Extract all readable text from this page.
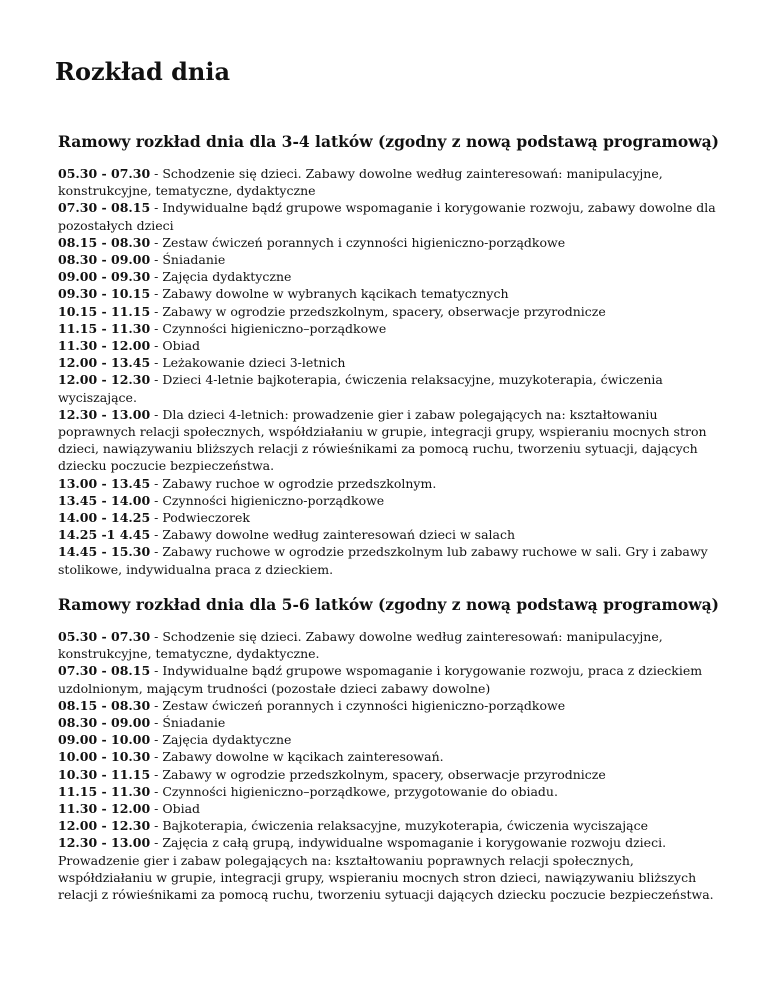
Rozkład dnia
Ramowy rozkład dnia dla 3-4 latków (zgodny z nową podstawą programową)

05.30 - 07.30 - Schodzenie się dzieci. Zabawy dowolne według zainteresowań: manipulacyjne, konstrukcyjne, tematyczne, dydaktyczne

07.30 - 08.15 - Indywidualne bądź grupowe wspomaganie i korygowanie rozwoju, zabawy dowolne dla pozostałych dzieci

08.15 - 08.30 - Zestaw ćwiczeń porannych i czynności higieniczno-porządkowe

08.30 - 09.00 - Śniadanie

09.00 - 09.30 - Zajęcia dydaktyczne

09.30 - 10.15 - Zabawy dowolne w wybranych kącikach tematycznych

10.15 - 11.15 - Zabawy w ogrodzie przedszkolnym, spacery, obserwacje przyrodnicze

11.15 - 11.30 - Czynności higieniczno–porządkowe

11.30 - 12.00 - Obiad

12.00 - 13.45 - Leżakowanie dzieci 3-letnich

12.00 - 12.30 - Dzieci 4-letnie bajkoterapia, ćwiczenia relaksacyjne, muzykoterapia, ćwiczenia wyciszające.

12.30 - 13.00 - Dla dzieci 4-letnich: prowadzenie gier i zabaw polegających na: kształtowaniu poprawnych relacji społecznych, współdziałaniu w grupie, integracji grupy, wspieraniu mocnych stron dzieci, nawiązywaniu bliższych relacji z rówieśnikami za pomocą ruchu, tworzeniu sytuacji, dających dziecku poczucie bezpieczeństwa.

13.00 - 13.45 - Zabawy ruchoe w ogrodzie przedszkolnym.

13.45 - 14.00 - Czynności higieniczno-porządkowe

14.00 - 14.25 - Podwieczorek

14.25 -1 4.45 - Zabawy dowolne według zainteresowań dzieci w salach

14.45 - 15.30 - Zabawy ruchowe w ogrodzie przedszkolnym lub zabawy ruchowe w sali. Gry i zabawy stolikowe, indywidualna praca z dzieckiem.

Ramowy rozkład dnia dla 5-6 latków (zgodny z nową podstawą programową)

05.30 - 07.30 - Schodzenie się dzieci. Zabawy dowolne według zainteresowań: manipulacyjne, konstrukcyjne, tematyczne, dydaktyczne.

07.30 - 08.15 - Indywidualne bądź grupowe wspomaganie i korygowanie rozwoju, praca z dzieckiem uzdolnionym, mającym trudności (pozostałe dzieci zabawy dowolne)

08.15 - 08.30 - Zestaw ćwiczeń porannych i czynności higieniczno-porządkowe

08.30 - 09.00 - Śniadanie

09.00 - 10.00 - Zajęcia dydaktyczne

10.00 - 10.30 - Zabawy dowolne w kącikach zainteresowań.

10.30 - 11.15 - Zabawy w ogrodzie przedszkolnym, spacery, obserwacje przyrodnicze

11.15 - 11.30 - Czynności higieniczno–porządkowe, przygotowanie do obiadu.

11.30 - 12.00 - Obiad

12.00 - 12.30 - Bajkoterapia, ćwiczenia relaksacyjne, muzykoterapia, ćwiczenia wyciszające

12.30 - 13.00 - Zajęcia z całą grupą, indywidualne wspomaganie i korygowanie rozwoju dzieci. Prowadzenie gier i zabaw polegających na: kształtowaniu poprawnych relacji społecznych, współdziałaniu w grupie, integracji grupy, wspieraniu mocnych stron dzieci, nawiązywaniu bliższych relacji z rówieśnikami za pomocą ruchu, tworzeniu sytuacji dających dziecku poczucie bezpieczeństwa.
